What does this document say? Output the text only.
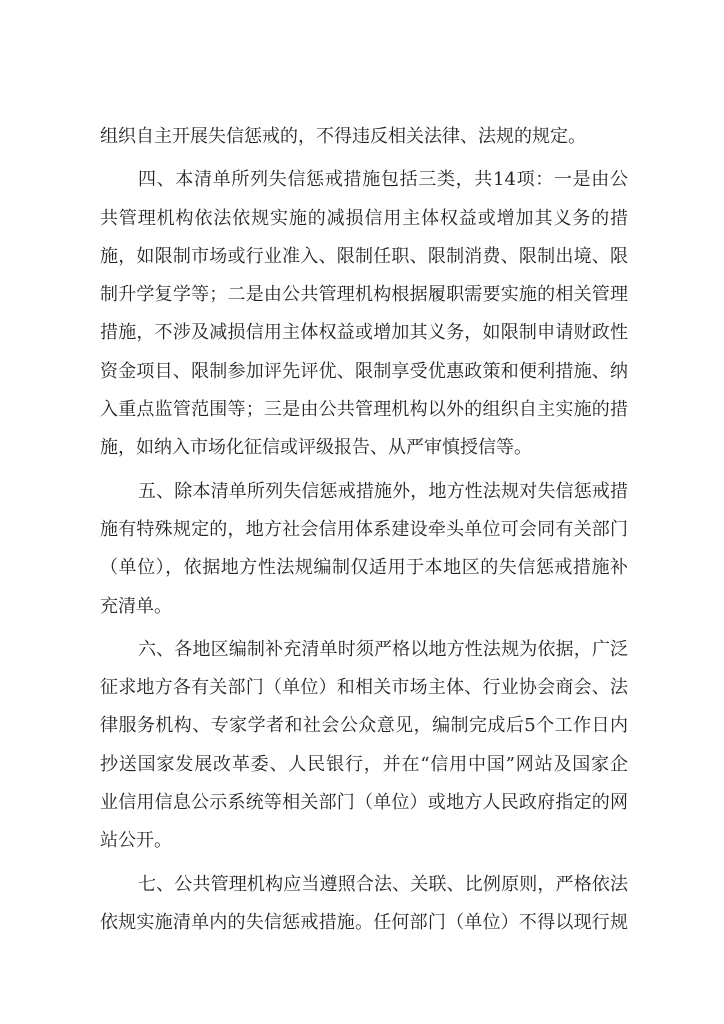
组织自主开展失信惩戒的，不得违反相关法律、法规的规定。
四、本清单所列失信惩戒措施包括三类，共14项：一是由公
共管理机构依法依规实施的减损信用主体权益或增加其义务的措
施，如限制市场或行业准入、限制任职、限制消费、限制出境、限
制升学复学等；二是由公共管理机构根据履职需要实施的相关管理
措施，不涉及减损信用主体权益或增加其义务，如限制申请财政性
资金项目、限制参加评先评优、限制享受优惠政策和便利措施、纳
入重点监管范围等；三是由公共管理机构以外的组织自主实施的措
施，如纳入市场化征信或评级报告、从严审慎授信等。
五、除本清单所列失信惩戒措施外，地方性法规对失信惩戒措
施有特殊规定的，地方社会信用体系建设牵头单位可会同有关部门
（单位），依据地方性法规编制仅适用于本地区的失信惩戒措施补
充清单。
六、各地区编制补充清单时须严格以地方性法规为依据，广泛
征求地方各有关部门（单位）和相关市场主体、行业协会商会、法
律服务机构、专家学者和社会公众意见，编制完成后5个工作日内
抄送国家发展改革委、人民银行，并在“信用中国”网站及国家企
业信用信息公示系统等相关部门（单位）或地方人民政府指定的网
站公开。
七、公共管理机构应当遵照合法、关联、比例原则，严格依法
依规实施清单内的失信惩戒措施。任何部门（单位）不得以现行规
